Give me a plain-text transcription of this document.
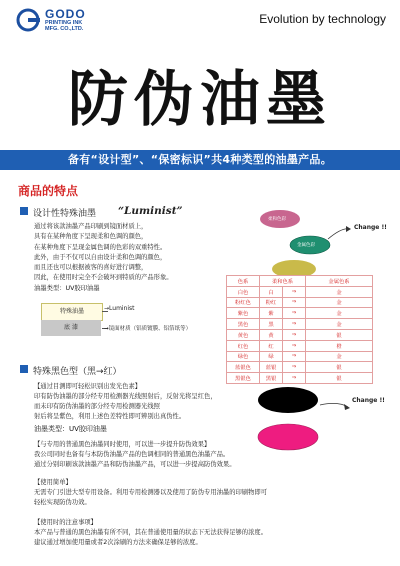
GODO
PRINTING INK
MFG. CO.,LTD.
Evolution by technology
防伪油墨
备有“设计型”、“保密标识”共4种类型的油墨产品。
商品的特点
设计性特殊油墨 “Luminist”
通过将该款油墨产品印刷到镜面材质上，
具有在某种角度下呈现柔和色调的颜色，
在某种角度下呈现金属色调的色彩的双重特性。
此外，由于不仅可以自由设计柔和色调的颜色，
而且还也可以根据被客的喜好进行调整，
因此，在使用时完全不会破坏到特质的产品形象。
油墨类型：UV胶印油墨
柔和色彩
金属色彩
Change !!
特殊油墨
底 漆
→Luminist
→镜面材质（铝质镀膜、铝箔纸等）
色系	柔和色系		金属色系
白色	白	⇒	金
粉红色	粉红	⇒	金
紫色	紫	⇒	金
黑色	黑	⇒	金
黄色	黄	⇒	银
红色	红	⇒	橙
绿色	绿	⇒	金
蓝银色	蓝银	⇒	银
黑银色	黑银	⇒	银
特殊黑色型（黑→红）
Change !!
【通过目测即可轻松识别出发光色素】
印有防伪油墨的部分经专用检测器光线照射后，反射光将呈红色，
而未印有防伪油墨的部分经专用检测器光线照
射后将呈紫色，利用上述色差特性即可辨别出真伪性。
油墨类型：UV胶印油墨
【与专用的普通黑色油墨同时使用，可以进一步提升防伪效果】
我公司同时也备有与本防伪油墨产品的色调相同的普通黑色油墨产品。
通过分别印刷该款油墨产品和防伪油墨产品，可以进一步提高防伪效果。
【使用简单】
无需专门引进大型专用设备。利用专用检测器以及使用了防伪专用油墨的印刷物即可
轻松实现防伪功效。
【使用时的注意事项】
本产品与普通的黑色油墨有所不同，其在普通使用量的状态下无法获得足够的浓度。
建议通过增加使用量或者2次涂刷的方法来确保足够的浓度。
